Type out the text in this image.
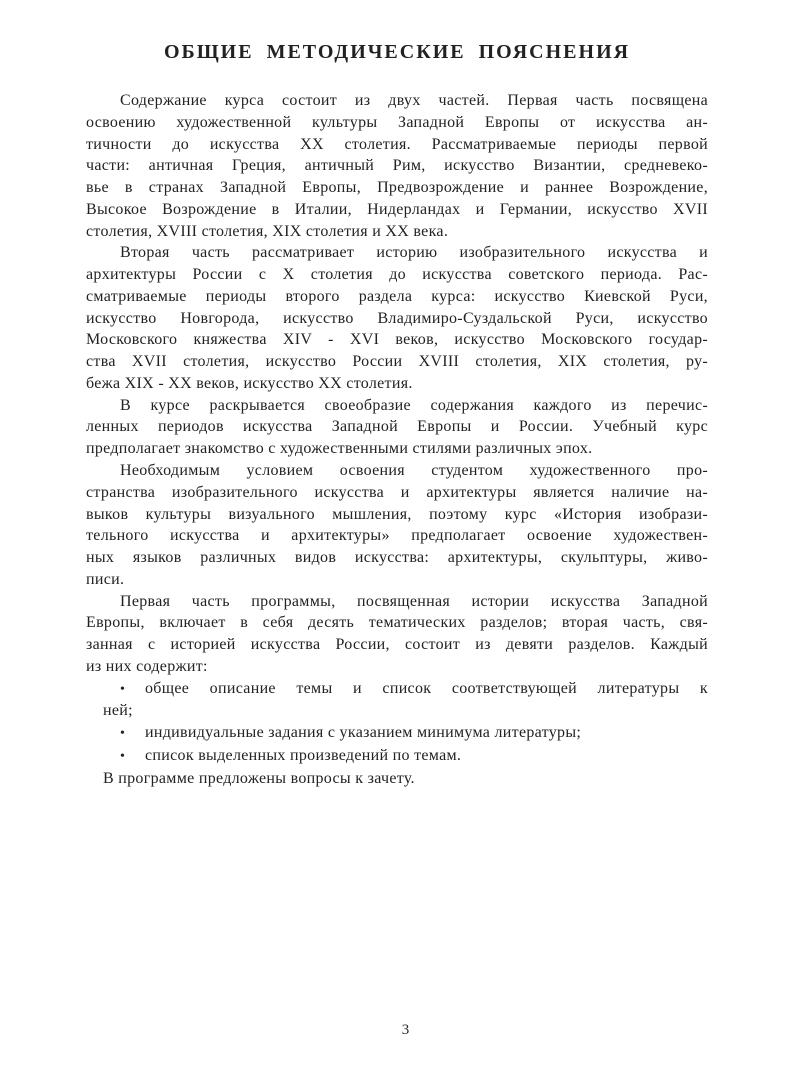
ОБЩИЕ МЕТОДИЧЕСКИЕ ПОЯСНЕНИЯ
Содержание курса состоит из двух частей. Первая часть посвящена
освоению художественной культуры Западной Европы от искусства ан-
тичности до искусства XX столетия. Рассматриваемые периоды первой
части: античная Греция, античный Рим, искусство Византии, средневеко-
вье в странах Западной Европы, Предвозрождение и раннее Возрождение,
Высокое Возрождение в Италии, Нидерландах и Германии, искусство XVII
столетия, XVIII столетия, XIX столетия и XX века.
Вторая часть рассматривает историю изобразительного искусства и
архитектуры России с X столетия до искусства советского периода. Рас-
сматриваемые периоды второго раздела курса: искусство Киевской Руси,
искусство Новгорода, искусство Владимиро-Суздальской Руси, искусство
Московского княжества XIV - XVI веков, искусство Московского государ-
ства XVII столетия, искусство России XVIII столетия, XIX столетия, ру-
бежа XIX - XX веков, искусство XX столетия.
В курсе раскрывается своеобразие содержания каждого из перечис-
ленных периодов искусства Западной Европы и России. Учебный курс
предполагает знакомство с художественными стилями различных эпох.
Необходимым условием освоения студентом художественного про-
странства изобразительного искусства и архитектуры является наличие на-
выков культуры визуального мышления, поэтому курс «История изобрази-
тельного искусства и архитектуры» предполагает освоение художествен-
ных языков различных видов искусства: архитектуры, скульптуры, живо-
писи.
Первая часть программы, посвященная истории искусства Западной
Европы, включает в себя десять тематических разделов; вторая часть, свя-
занная с историей искусства России, состоит из девяти разделов. Каждый
из них содержит:
• общее описание темы и список соответствующей литературы к
ней;
• индивидуальные задания с указанием минимума литературы;
• список выделенных произведений по темам.
В программе предложены вопросы к зачету.
3
